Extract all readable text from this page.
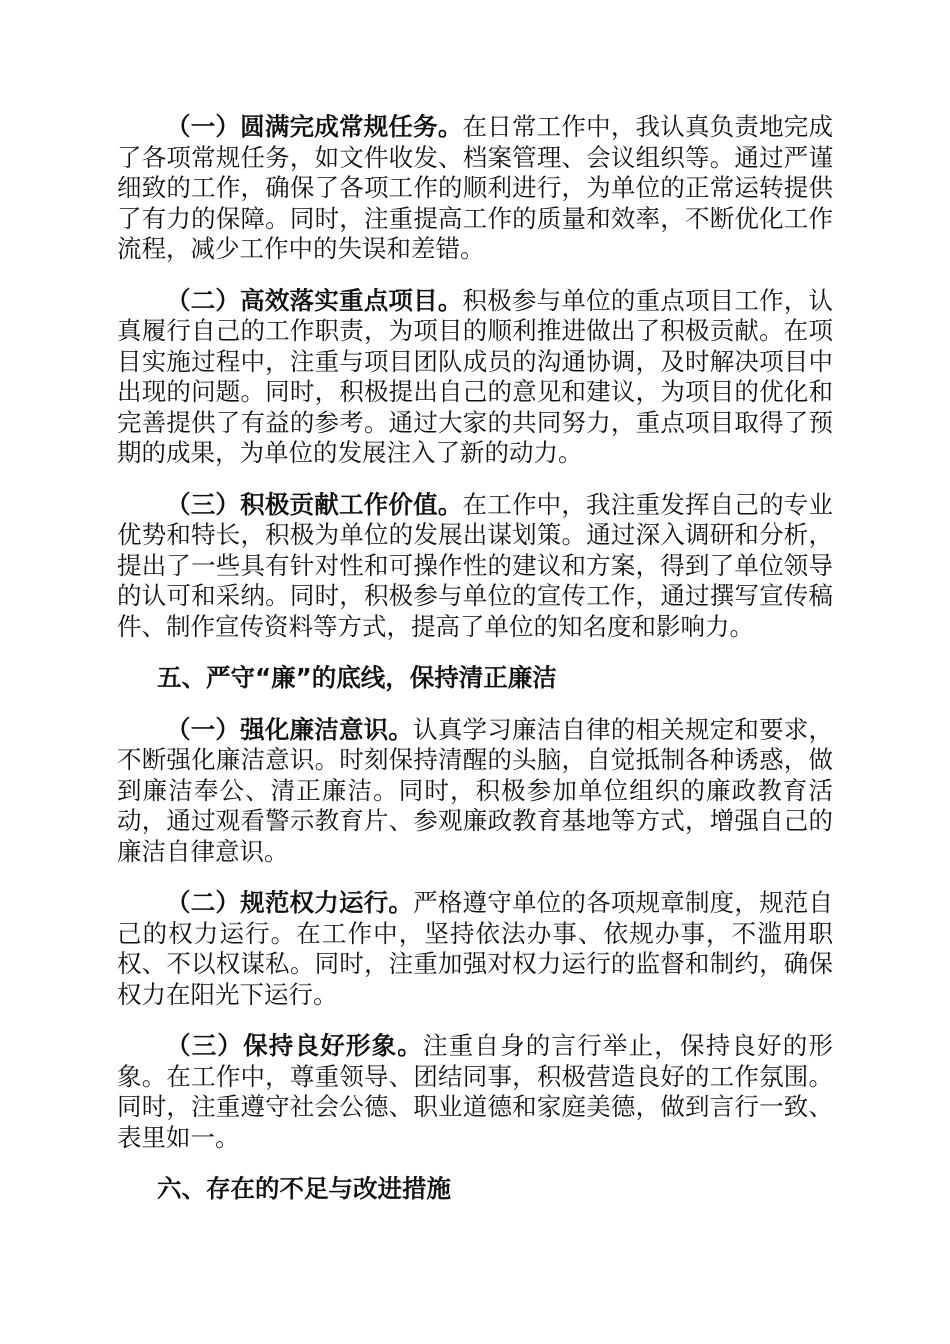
（一）圆满完成常规任务。在日常工作中，我认真负责地完成了各项常规任务，如文件收发、档案管理、会议组织等。通过严谨细致的工作，确保了各项工作的顺利进行，为单位的正常运转提供了有力的保障。同时，注重提高工作的质量和效率，不断优化工作流程，减少工作中的失误和差错。

（二）高效落实重点项目。积极参与单位的重点项目工作，认真履行自己的工作职责，为项目的顺利推进做出了积极贡献。在项目实施过程中，注重与项目团队成员的沟通协调，及时解决项目中出现的问题。同时，积极提出自己的意见和建议，为项目的优化和完善提供了有益的参考。通过大家的共同努力，重点项目取得了预期的成果，为单位的发展注入了新的动力。

（三）积极贡献工作价值。在工作中，我注重发挥自己的专业优势和特长，积极为单位的发展出谋划策。通过深入调研和分析，提出了一些具有针对性和可操作性的建议和方案，得到了单位领导的认可和采纳。同时，积极参与单位的宣传工作，通过撰写宣传稿件、制作宣传资料等方式，提高了单位的知名度和影响力。

五、严守“廉”的底线，保持清正廉洁

（一）强化廉洁意识。认真学习廉洁自律的相关规定和要求，不断强化廉洁意识。时刻保持清醒的头脑，自觉抵制各种诱惑，做到廉洁奉公、清正廉洁。同时，积极参加单位组织的廉政教育活动，通过观看警示教育片、参观廉政教育基地等方式，增强自己的廉洁自律意识。

（二）规范权力运行。严格遵守单位的各项规章制度，规范自己的权力运行。在工作中，坚持依法办事、依规办事，不滥用职权、不以权谋私。同时，注重加强对权力运行的监督和制约，确保权力在阳光下运行。

（三）保持良好形象。注重自身的言行举止，保持良好的形象。在工作中，尊重领导、团结同事，积极营造良好的工作氛围。同时，注重遵守社会公德、职业道德和家庭美德，做到言行一致、表里如一。

六、存在的不足与改进措施
